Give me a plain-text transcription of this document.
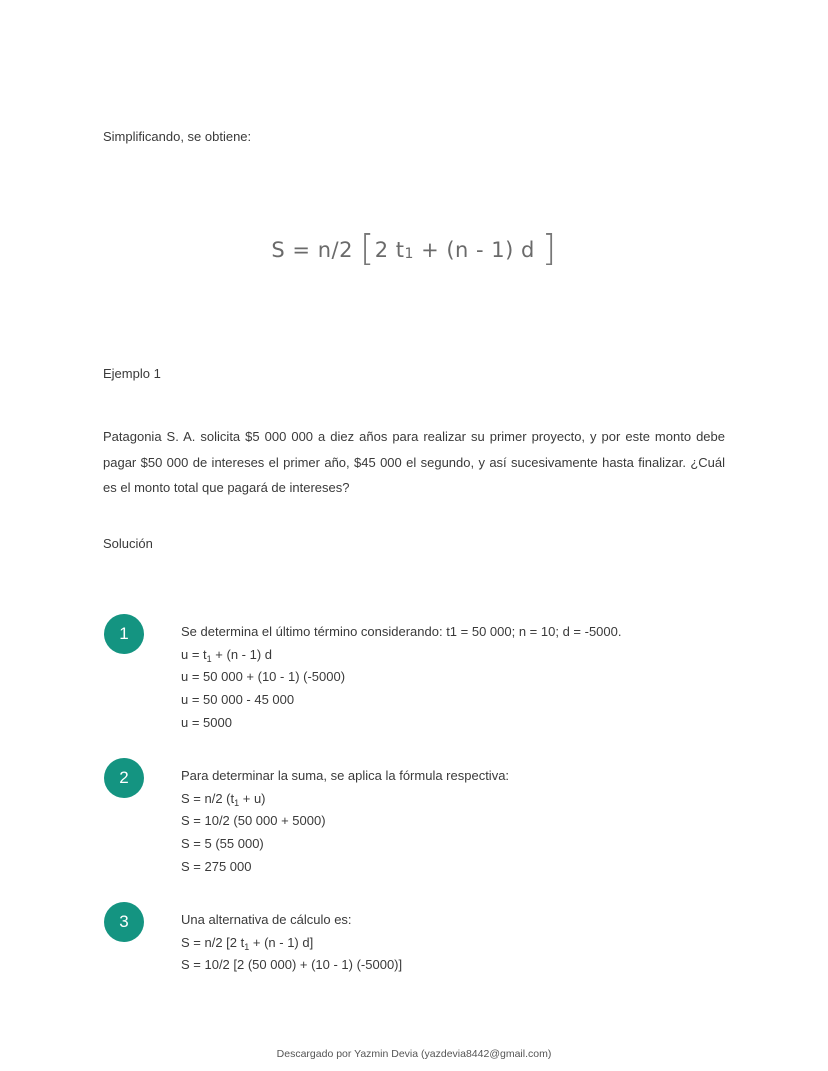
Simplificando, se obtiene:
S = n/2 [2 t1 + (n - 1) d ]
Ejemplo 1
Patagonia S. A. solicita $5 000 000 a diez años para realizar su primer proyecto, y por este monto debe pagar $50 000 de intereses el primer año, $45 000 el segundo, y así sucesivamente hasta finalizar. ¿Cuál es el monto total que pagará de intereses?
Solución
1
2
3
Se determina el último término considerando: t1 = 50 000; n = 10; d = -5000.
$u = t_1 + (n - 1)$ d
u = 50 000 + (10 - 1) (-5000)
u = 50 000 - 45 000
u = 5000
Para determinar la suma, se aplica la fórmula respectiva:
S = n/2 $(t_1 + u)$
S = 10/2 (50 000 + 5000)
S = 5 (55 000)
S = 275 000
Una alternativa de cálculo es:
S = n/2 [2 $t_1 + (n - 1)$ d]
S = 10/2 [2 (50 000) + (10 - 1) (-5000)]
Descargado por Yazmin Devia (yazdevia8442@gmail.com)
